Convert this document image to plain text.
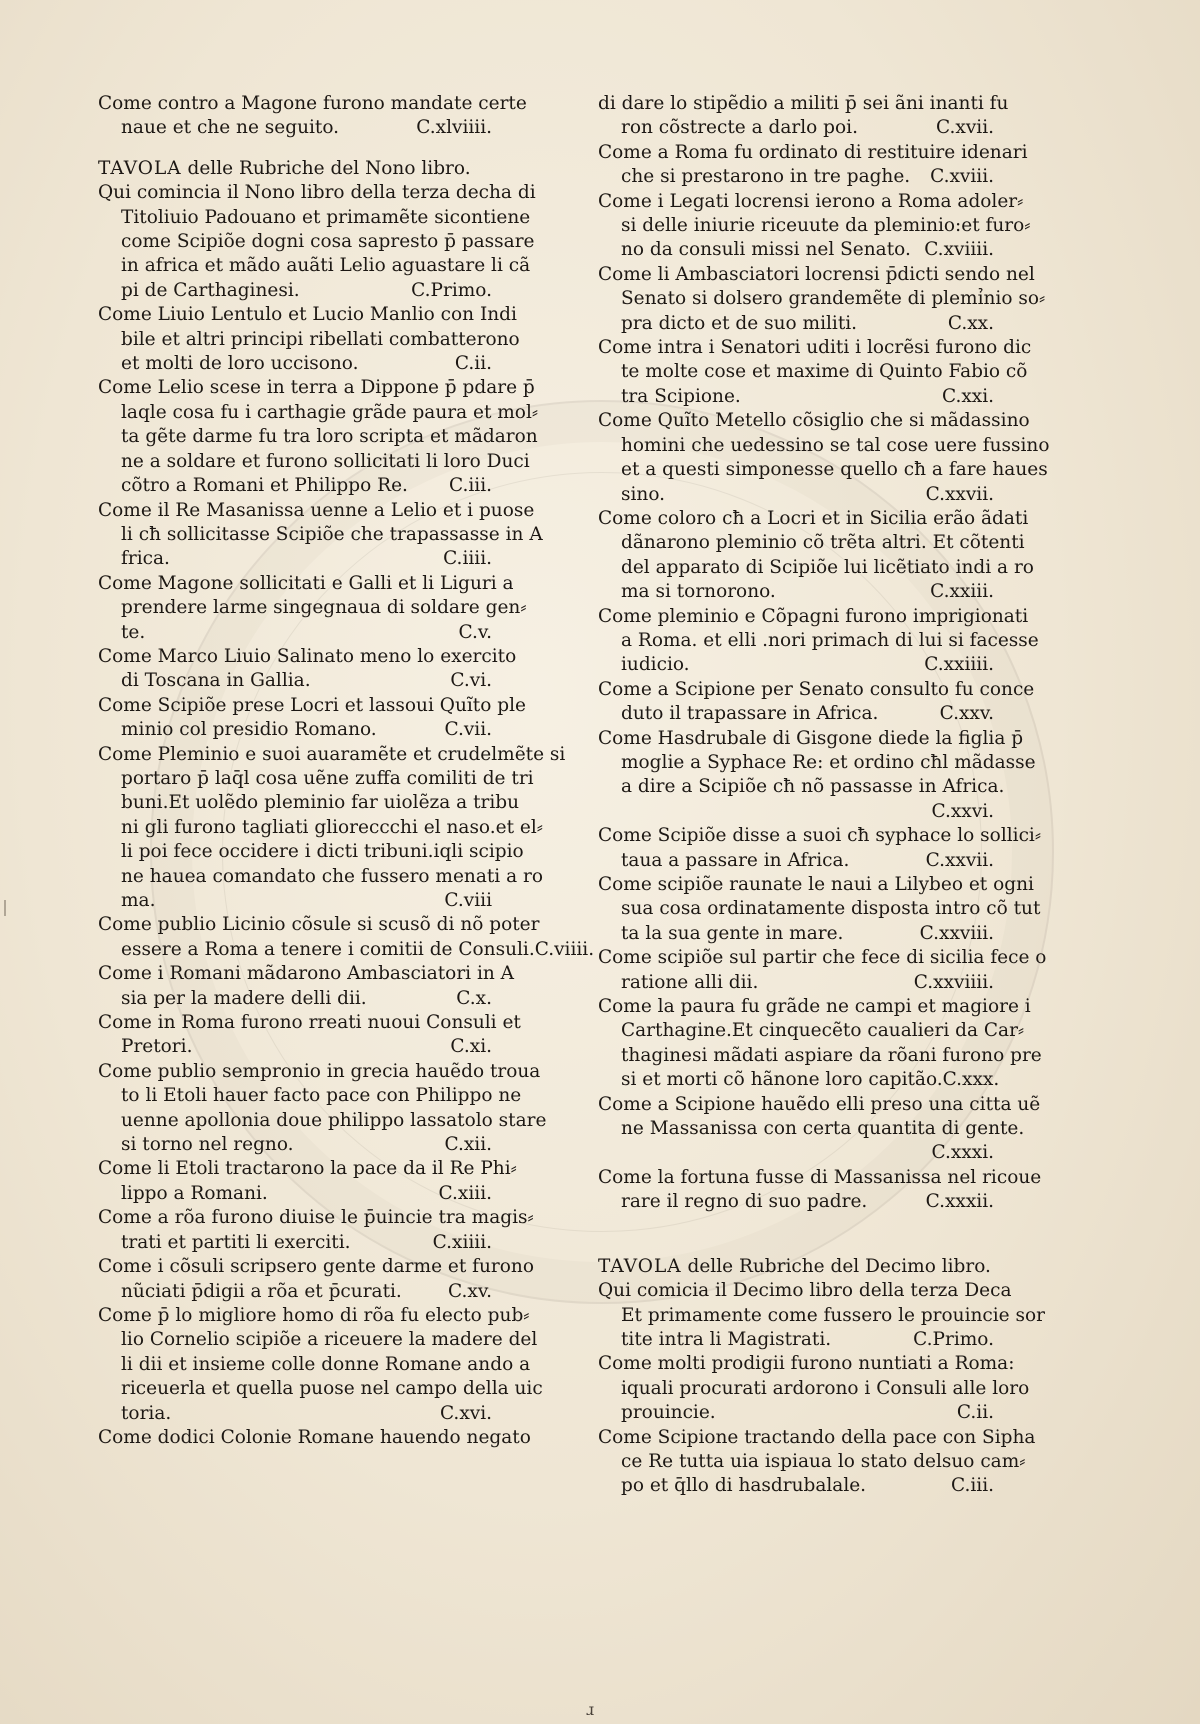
Come contro a Magone furono mandate certe
naue et che ne seguito.	C.xlviiii.
TAVOLA delle Rubriche del Nono libro.
Qui comincia il Nono libro della terza decha di
Titoliuio Padouano et primamẽte sicontiene
come Scipiõe dogni cosa sapresto p̄ passare
in africa et mãdo auãti Lelio aguastare li cã
pi de Carthaginesi.	C.Primo.
Come Liuio Lentulo et Lucio Manlio con Indi
bile et altri principi ribellati combatterono
et molti de loro uccisono.	C.ii.
Come Lelio scese in terra a Dippone p̄ pdare p̄
laqle cosa fu i carthagie grãde paura et mol⸗
ta gẽte darme fu tra loro scripta et mãdaron
ne a soldare et furono sollicitati li loro Duci
cõtro a Romani et Philippo Re. C.iii.
Come il Re Masanissa uenne a Lelio et i puose
li cħ sollicitasse Scipiõe che trapassasse in A
frica.	C.iiii.
Come Magone sollicitati e Galli et li Liguri a
prendere larme singegnaua di soldare gen⸗
te.	C.v.
Come Marco Liuio Salinato meno lo exercito
di Toscana in Gallia.	C.vi.
Come Scipiõe prese Locri et lassoui Quĩto ple
minio col presidio Romano.	C.vii.
Come Pleminio e suoi auaramẽte et crudelmẽte si
portaro p̄ laq̄l cosa uẽne zuffa comiliti de tri
buni.Et uolẽdo pleminio far uiolẽza a tribu
ni gli furono tagliati glioreccchi el naso.et el⸗
li poi fece occidere i dicti tribuni.iqli scipio
ne hauea comandato che fussero menati a ro
ma.	C.viii
Come publio Licinio cõsule si scusõ di nõ poter
essere a Roma a tenere i comitii de Consuli. C.viiii.
Come i Romani mãdarono Ambasciatori in A
sia per la madere delli dii.	C.x.
Come in Roma furono rreati nuoui Consuli et
Pretori.	C.xi.
Come publio sempronio in grecia hauẽdo troua
to li Etoli hauer facto pace con Philippo ne
uenne apollonia doue philippo lassatolo stare
si torno nel regno.	C.xii.
Come li Etoli tractarono la pace da il Re Phi⸗
lippo a Romani.	C.xiii.
Come a rõa furono diuise le p̄uincie tra magis⸗
trati et partiti li exerciti.	C.xiiii.
Come i cõsuli scripsero gente darme et furono
nũciati p̄digii a rõa et p̄curati. C.xv.
Come p̄ lo migliore homo di rõa fu electo pub⸗
lio Cornelio scipiõe a riceuere la madere del
li dii et insieme colle donne Romane ando a
riceuerla et quella puose nel campo della uic
toria.	C.xvi.
Come dodici Colonie Romane hauendo negato
di dare lo stipẽdio a militi p̄ sei ãni inanti fu
ron cõstrecte a darlo poi.	C.xvii.
Come a Roma fu ordinato di restituire idenari
che si prestarono in tre paghe. C.xviii.
Come i Legati locrensi ierono a Roma adoler⸗
si delle iniurie riceuute da pleminio:et furo⸗
no da consuli missi nel Senato. C.xviiii.
Come li Ambasciatori locrensi p̄dicti sendo nel
Senato si dolsero grandemẽte di plemỉnio so⸗
pra dicto et de suo militi.	C.xx.
Come intra i Senatori uditi i locrẽsi furono dic
te molte cose et maxime di Quinto Fabio cõ
tra Scipione.	C.xxi.
Come Quĩto Metello cõsiglio che si mãdassino
homini che uedessino se tal cose uere fussino
et a questi simponesse quello cħ a fare haues
sino.	C.xxvii.
Come coloro cħ a Locri et in Sicilia erão ãdati
dãnarono pleminio cõ trẽta altri. Et cõtenti
del apparato di Scipiõe lui licẽtiato indi a ro
ma si tornorono.	C.xxiii.
Come pleminio e Cõpagni furono imprigionati
a Roma. et elli .nori primach di lui si facesse
iudicio.	C.xxiiii.
Come a Scipione per Senato consulto fu conce
duto il trapassare in Africa.	C.xxv.
Come Hasdrubale di Gisgone diede la figlia p̄
moglie a Syphace Re: et ordino cħl mãdasse
a dire a Scipiõe cħ nõ passasse in Africa.
C.xxvi.
Come Scipiõe disse a suoi cħ syphace lo sollici⸗
taua a passare in Africa.	C.xxvii.
Come scipiõe raunate le naui a Lilybeo et ogni
sua cosa ordinatamente disposta intro cõ tut
ta la sua gente in mare.	C.xxviii.
Come scipiõe sul partir che fece di sicilia fece o
ratione alli dii.	C.xxviiii.
Come la paura fu grãde ne campi et magiore i
Carthagine.Et cinquecẽto caualieri da Car⸗
thaginesi mãdati aspiare da rõani furono pre
si et morti cõ hãnone loro capitão. C.xxx.
Come a Scipione hauẽdo elli preso una citta uẽ
ne Massanissa con certa quantita di gente.
C.xxxi.
Come la fortuna fusse di Massanissa nel ricoue
rare il regno di suo padre.	C.xxxii.
TAVOLA delle Rubriche del Decimo libro.
Qui comicia il Decimo libro della terza Deca
Et primamente come fussero le prouincie sor
tite intra li Magistrati.	C.Primo.
Come molti prodigii furono nuntiati a Roma:
iquali procurati ardorono i Consuli alle loro
prouincie.	C.ii.
Come Scipione tractando della pace con Sipha
ce Re tutta uia ispiaua lo stato delsuo cam⸗
po et q̄llo di hasdrubalale.	C.iii.
ɹ
